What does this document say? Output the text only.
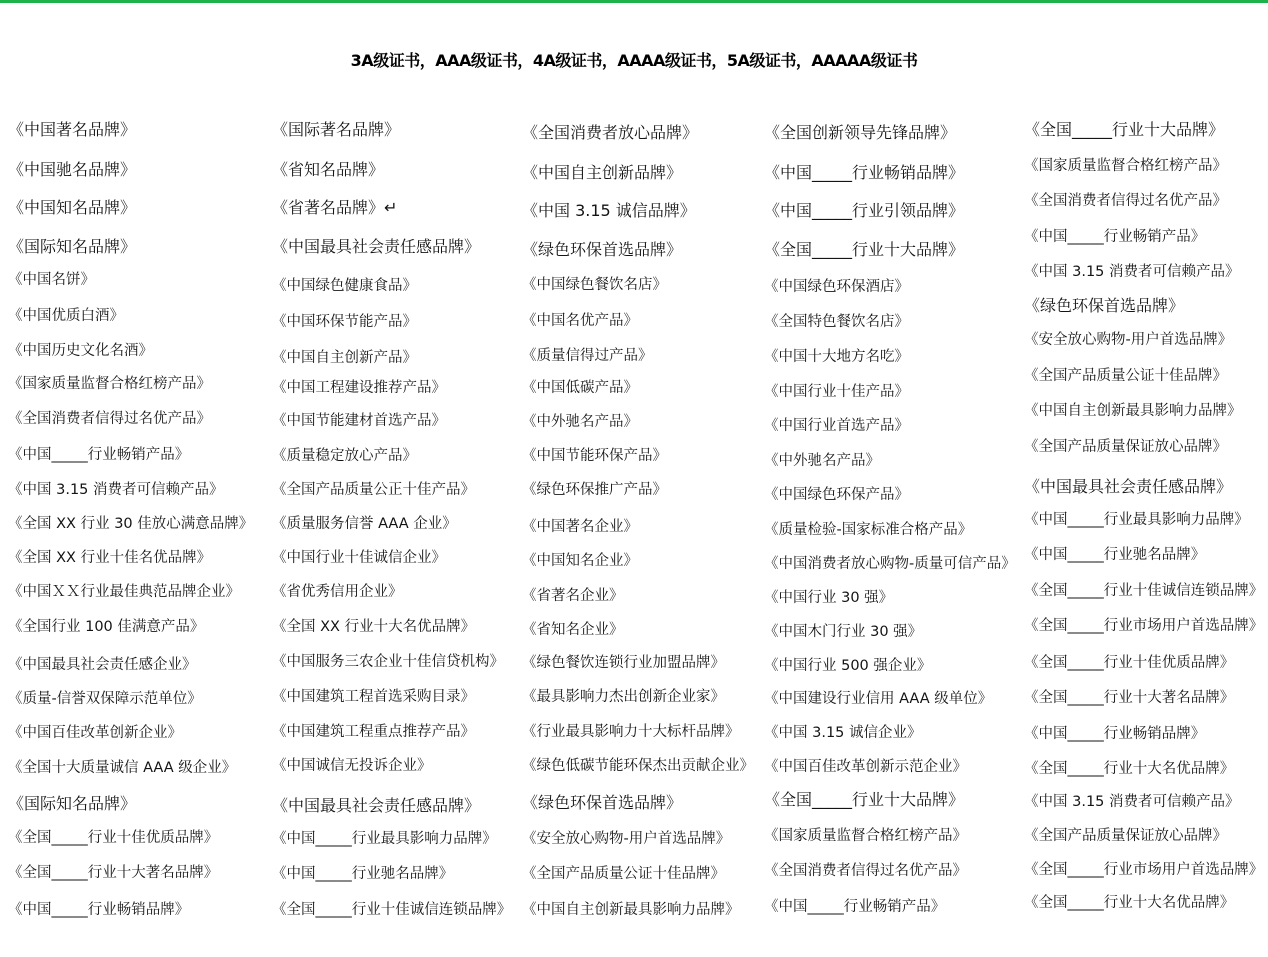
3A级证书，AAA级证书，4A级证书，AAAA级证书，5A级证书，AAAAA级证书
《中国著名品牌》
《中国驰名品牌》
《中国知名品牌》
《国际知名品牌》
《中国名饼》
《中国优质白酒》
《中国历史文化名酒》
《国家质量监督合格红榜产品》
《全国消费者信得过名优产品》
《中国_____行业畅销产品》
《中国 3.15 消费者可信赖产品》
《全国 XX 行业 30 佳放心满意品牌》
《全国 XX 行业十佳名优品牌》
《中国ＸＸ行业最佳典范品牌企业》
《全国行业 100 佳满意产品》
《中国最具社会责任感企业》
《质量-信誉双保障示范单位》
《中国百佳改革创新企业》
《全国十大质量诚信 AAA 级企业》
《国际知名品牌》
《全国_____行业十佳优质品牌》
《全国_____行业十大著名品牌》
《中国_____行业畅销品牌》
《国际著名品牌》
《省知名品牌》
《省著名品牌》↵
《中国最具社会责任感品牌》
《中国绿色健康食品》
《中国环保节能产品》
《中国自主创新产品》
《中国工程建设推荐产品》
《中国节能建材首选产品》
《质量稳定放心产品》
《全国产品质量公正十佳产品》
《质量服务信誉 AAA 企业》
《中国行业十佳诚信企业》
《省优秀信用企业》
《全国 XX 行业十大名优品牌》
《中国服务三农企业十佳信贷机构》
《中国建筑工程首选采购目录》
《中国建筑工程重点推荐产品》
《中国诚信无投诉企业》
《中国最具社会责任感品牌》
《中国_____行业最具影响力品牌》
《中国_____行业驰名品牌》
《全国_____行业十佳诚信连锁品牌》
《全国消费者放心品牌》
《中国自主创新品牌》
《中国 3.15 诚信品牌》
《绿色环保首选品牌》
《中国绿色餐饮名店》
《中国名优产品》
《质量信得过产品》
《中国低碳产品》
《中外驰名产品》
《中国节能环保产品》
《绿色环保推广产品》
《中国著名企业》
《中国知名企业》
《省著名企业》
《省知名企业》
《绿色餐饮连锁行业加盟品牌》
《最具影响力杰出创新企业家》
《行业最具影响力十大标杆品牌》
《绿色低碳节能环保杰出贡献企业》
《绿色环保首选品牌》
《安全放心购物-用户首选品牌》
《全国产品质量公证十佳品牌》
《中国自主创新最具影响力品牌》
《全国创新领导先锋品牌》
《中国_____行业畅销品牌》
《中国_____行业引领品牌》
《全国_____行业十大品牌》
《中国绿色环保酒店》
《全国特色餐饮名店》
《中国十大地方名吃》
《中国行业十佳产品》
《中国行业首选产品》
《中外驰名产品》
《中国绿色环保产品》
《质量检验-国家标准合格产品》
《中国消费者放心购物-质量可信产品》
《中国行业 30 强》
《中国木门行业 30 强》
《中国行业 500 强企业》
《中国建设行业信用 AAA 级单位》
《中国 3.15 诚信企业》
《中国百佳改革创新示范企业》
《全国_____行业十大品牌》
《国家质量监督合格红榜产品》
《全国消费者信得过名优产品》
《中国_____行业畅销产品》
《全国_____行业十大品牌》
《国家质量监督合格红榜产品》
《全国消费者信得过名优产品》
《中国_____行业畅销产品》
《中国 3.15 消费者可信赖产品》
《绿色环保首选品牌》
《安全放心购物-用户首选品牌》
《全国产品质量公证十佳品牌》
《中国自主创新最具影响力品牌》
《全国产品质量保证放心品牌》
《中国最具社会责任感品牌》
《中国_____行业最具影响力品牌》
《中国_____行业驰名品牌》
《全国_____行业十佳诚信连锁品牌》
《全国_____行业市场用户首选品牌》
《全国_____行业十佳优质品牌》
《全国_____行业十大著名品牌》
《中国_____行业畅销品牌》
《全国_____行业十大名优品牌》
《中国 3.15 消费者可信赖产品》
《全国产品质量保证放心品牌》
《全国_____行业市场用户首选品牌》
《全国_____行业十大名优品牌》
